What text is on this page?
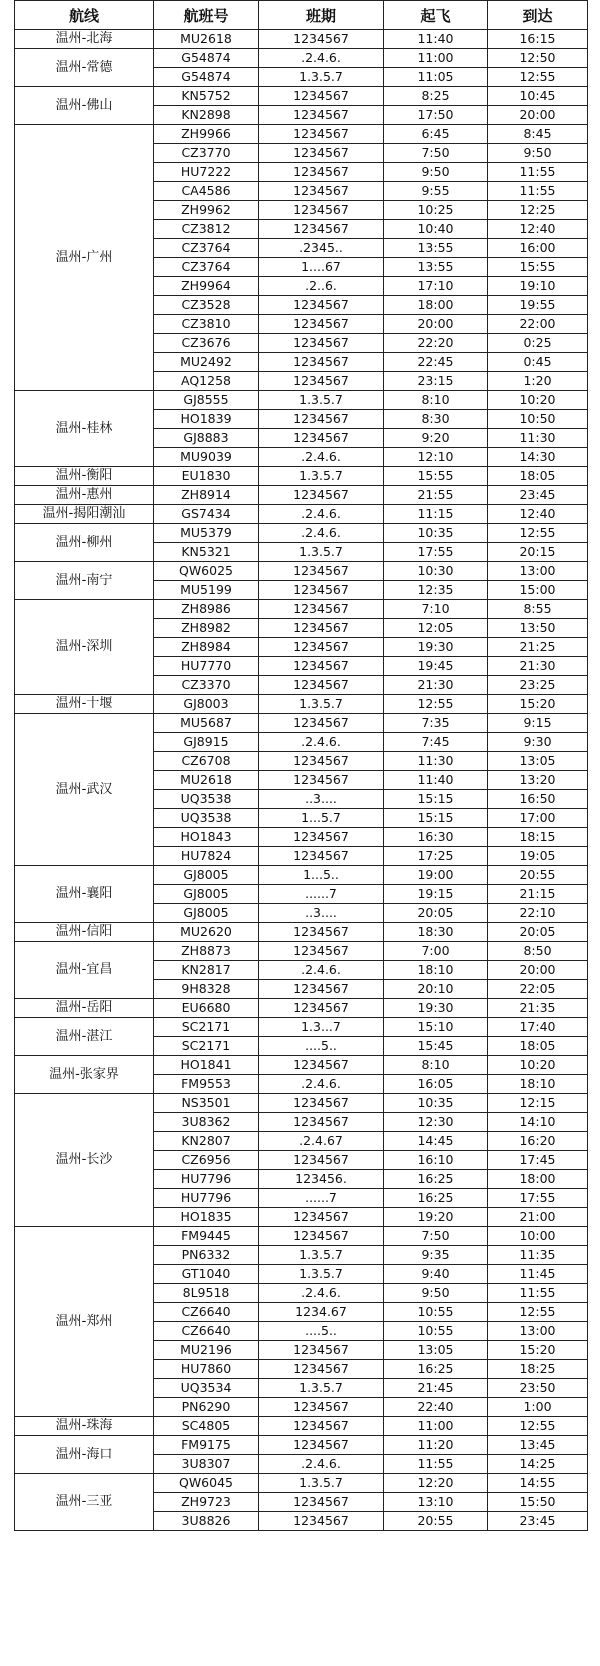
航线	航班号	班期	起飞	到达
温州-北海	MU2618	1234567	11:40	16:15
温州-常德	G54874	.2.4.6.	11:00	12:50
	G54874	1.3.5.7	11:05	12:55
温州-佛山	KN5752	1234567	8:25	10:45
	KN2898	1234567	17:50	20:00
温州-广州	ZH9966	1234567	6:45	8:45
	CZ3770	1234567	7:50	9:50
	HU7222	1234567	9:50	11:55
	CA4586	1234567	9:55	11:55
	ZH9962	1234567	10:25	12:25
	CZ3812	1234567	10:40	12:40
	CZ3764	.2345..	13:55	16:00
	CZ3764	1....67	13:55	15:55
	ZH9964	.2..6.	17:10	19:10
	CZ3528	1234567	18:00	19:55
	CZ3810	1234567	20:00	22:00
	CZ3676	1234567	22:20	0:25
	MU2492	1234567	22:45	0:45
	AQ1258	1234567	23:15	1:20
温州-桂林	GJ8555	1.3.5.7	8:10	10:20
	HO1839	1234567	8:30	10:50
	GJ8883	1234567	9:20	11:30
	MU9039	.2.4.6.	12:10	14:30
温州-衡阳	EU1830	1.3.5.7	15:55	18:05
温州-惠州	ZH8914	1234567	21:55	23:45
温州-揭阳潮汕	GS7434	.2.4.6.	11:15	12:40
温州-柳州	MU5379	.2.4.6.	10:35	12:55
	KN5321	1.3.5.7	17:55	20:15
温州-南宁	QW6025	1234567	10:30	13:00
	MU5199	1234567	12:35	15:00
温州-深圳	ZH8986	1234567	7:10	8:55
	ZH8982	1234567	12:05	13:50
	ZH8984	1234567	19:30	21:25
	HU7770	1234567	19:45	21:30
	CZ3370	1234567	21:30	23:25
温州-十堰	GJ8003	1.3.5.7	12:55	15:20
温州-武汉	MU5687	1234567	7:35	9:15
	GJ8915	.2.4.6.	7:45	9:30
	CZ6708	1234567	11:30	13:05
	MU2618	1234567	11:40	13:20
	UQ3538	..3....	15:15	16:50
	UQ3538	1...5.7	15:15	17:00
	HO1843	1234567	16:30	18:15
	HU7824	1234567	17:25	19:05
温州-襄阳	GJ8005	1...5..	19:00	20:55
	GJ8005	......7	19:15	21:15
	GJ8005	..3....	20:05	22:10
温州-信阳	MU2620	1234567	18:30	20:05
温州-宜昌	ZH8873	1234567	7:00	8:50
	KN2817	.2.4.6.	18:10	20:00
	9H8328	1234567	20:10	22:05
温州-岳阳	EU6680	1234567	19:30	21:35
温州-湛江	SC2171	1.3...7	15:10	17:40
	SC2171	....5..	15:45	18:05
温州-张家界	HO1841	1234567	8:10	10:20
	FM9553	.2.4.6.	16:05	18:10
温州-长沙	NS3501	1234567	10:35	12:15
	3U8362	1234567	12:30	14:10
	KN2807	.2.4.67	14:45	16:20
	CZ6956	1234567	16:10	17:45
	HU7796	123456.	16:25	18:00
	HU7796	......7	16:25	17:55
	HO1835	1234567	19:20	21:00
温州-郑州	FM9445	1234567	7:50	10:00
	PN6332	1.3.5.7	9:35	11:35
	GT1040	1.3.5.7	9:40	11:45
	8L9518	.2.4.6.	9:50	11:55
	CZ6640	1234.67	10:55	12:55
	CZ6640	....5..	10:55	13:00
	MU2196	1234567	13:05	15:20
	HU7860	1234567	16:25	18:25
	UQ3534	1.3.5.7	21:45	23:50
	PN6290	1234567	22:40	1:00
温州-珠海	SC4805	1234567	11:00	12:55
温州-海口	FM9175	1234567	11:20	13:45
	3U8307	.2.4.6.	11:55	14:25
温州-三亚	QW6045	1.3.5.7	12:20	14:55
	ZH9723	1234567	13:10	15:50
	3U8826	1234567	20:55	23:45
